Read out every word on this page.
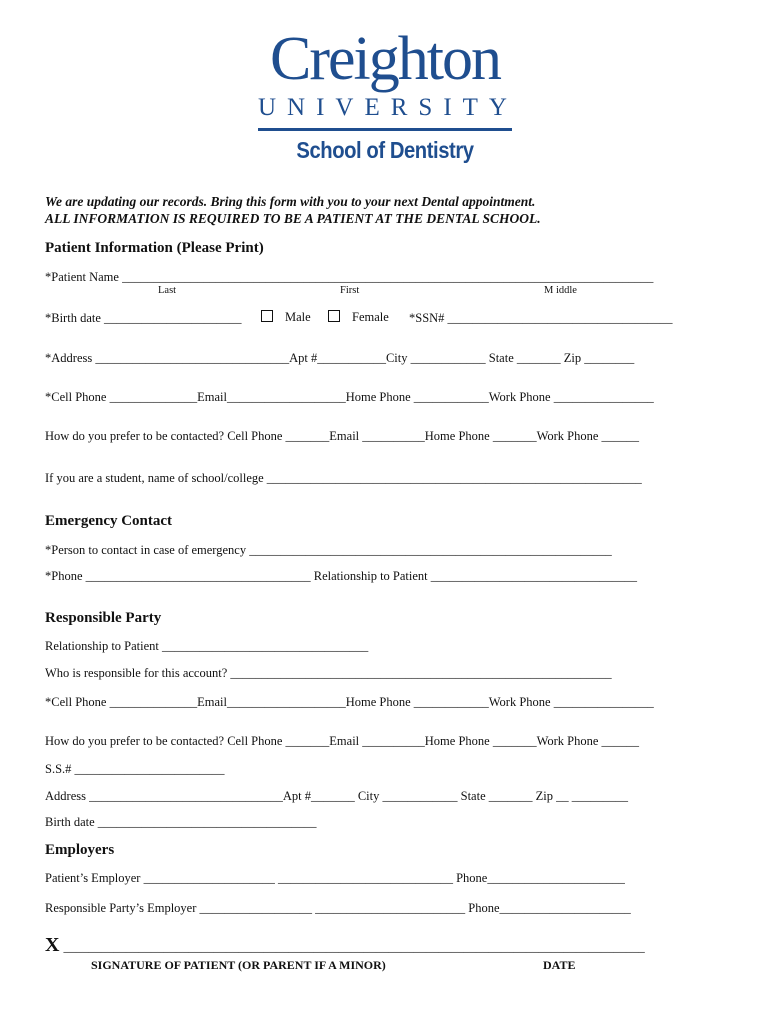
Creighton
UNIVERSITY
School of Dentistry
We are updating our records. Bring this form with you to your next Dental appointment.
ALL INFORMATION IS REQUIRED TO BE A PATIENT AT THE DENTAL SCHOOL.
Patient Information (Please Print)
*Patient Name _____________________________________________________________________________________
Last	First	M iddle
*Birth date ______________________	Male	Female *SSN# ____________________________________
*Address _______________________________Apt #___________City ____________ State _______ Zip ________
*Cell Phone ______________Email___________________Home Phone ____________Work Phone ________________
How do you prefer to be contacted? Cell Phone _______Email __________Home Phone _______Work Phone ______
If you are a student, name of school/college ____________________________________________________________
Emergency Contact
*Person to contact in case of emergency __________________________________________________________
*Phone ____________________________________ Relationship to Patient _________________________________
Responsible Party
Relationship to Patient _________________________________
Who is responsible for this account? _____________________________________________________________
*Cell Phone ______________Email___________________Home Phone ____________Work Phone ________________
How do you prefer to be contacted? Cell Phone _______Email __________Home Phone _______Work Phone ______
S.S.# ________________________
Address _______________________________Apt #_______ City ____________ State _______ Zip __ _________
Birth date ___________________________________
Employers
Patient’s Employer _____________________ ____________________________ Phone______________________
Responsible Party’s Employer __________________ ________________________ Phone_____________________
X _____________________________________________________________________________________________
SIGNATURE OF PATIENT (OR PARENT IF A MINOR)	DATE
